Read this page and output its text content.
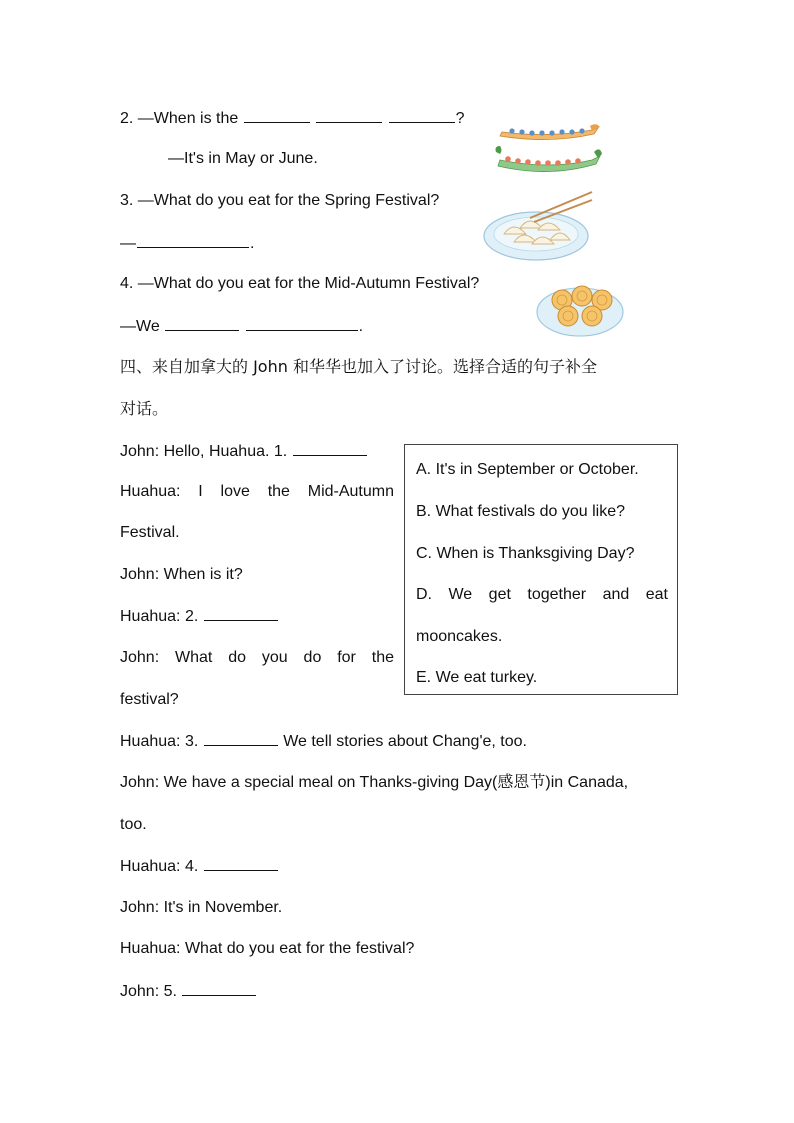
2. —When is the	?
—It's in May or June.
3. —What do you eat for the Spring Festival?
—	.
4. —What do you eat for the Mid-Autumn Festival?
—We	.
四、来自加拿大的 John 和华华也加入了讨论。选择合适的句子补全
对话。
John: Hello, Huahua. 1.
Huahua: I love the Mid-Autumn
Festival.
John: When is it?
Huahua: 2.
John: What do you do for the
festival?
Huahua: 3.	We tell stories about Chang'e, too.
John: We have a special meal on Thanks-giving Day(感恩节)in Canada,
too.
Huahua: 4.
John: It's in November.
Huahua: What do you eat for the festival?
John: 5.
A. It's in September or October.
B. What festivals do you like?
C. When is Thanksgiving Day?
D. We get together and eat
mooncakes.
E. We eat turkey.
